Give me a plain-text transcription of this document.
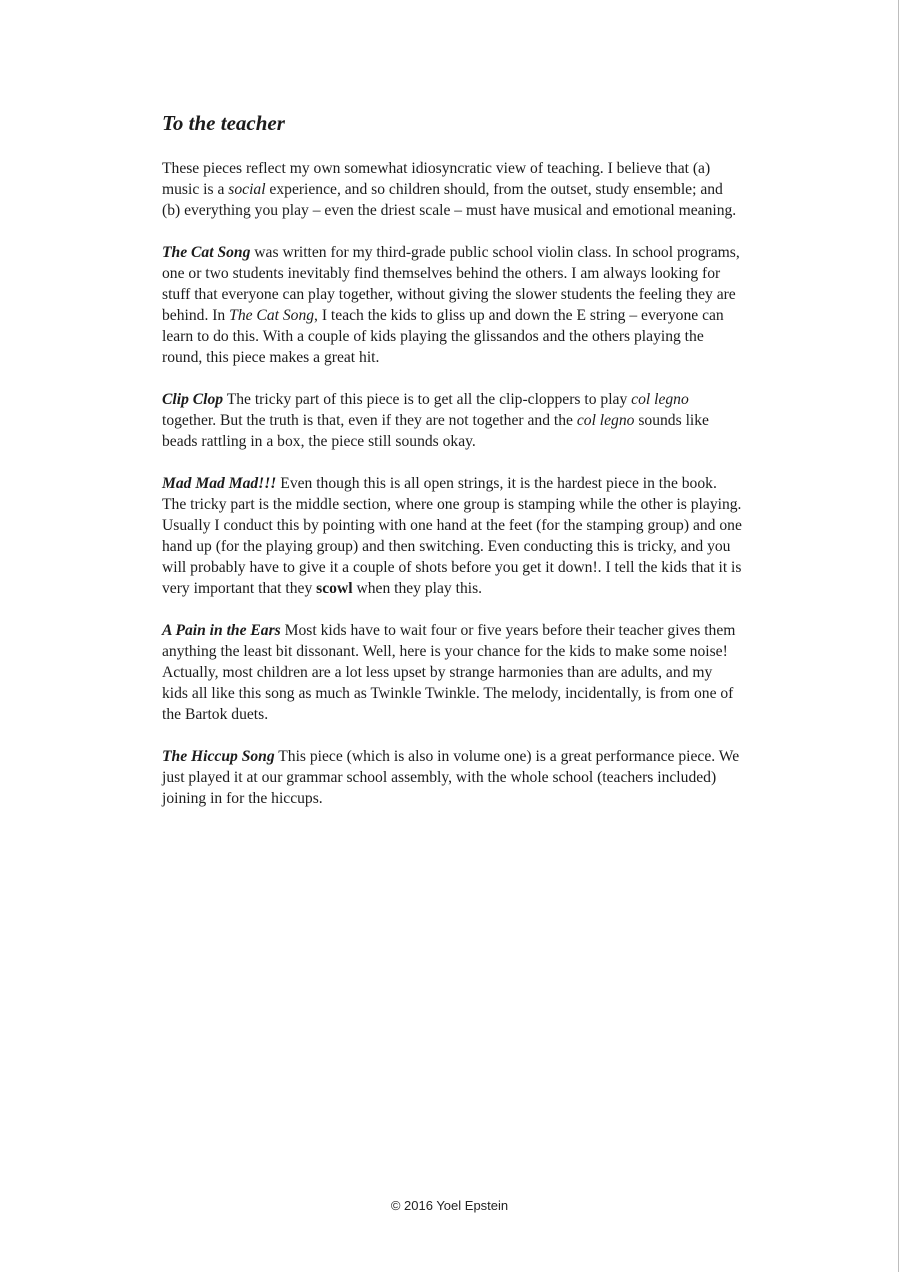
To the teacher

These pieces reflect my own somewhat idiosyncratic view of teaching. I believe that (a) music is a social experience, and so children should, from the outset, study ensemble; and (b) everything you play – even the driest scale – must have musical and emotional meaning.

The Cat Song was written for my third-grade public school violin class. In school programs, one or two students inevitably find themselves behind the others. I am always looking for stuff that everyone can play together, without giving the slower students the feeling they are behind. In The Cat Song, I teach the kids to gliss up and down the E string – everyone can learn to do this. With a couple of kids playing the glissandos and the others playing the round, this piece makes a great hit.

Clip Clop The tricky part of this piece is to get all the clip-cloppers to play col legno together. But the truth is that, even if they are not together and the col legno sounds like beads rattling in a box, the piece still sounds okay.

Mad Mad Mad!!! Even though this is all open strings, it is the hardest piece in the book. The tricky part is the middle section, where one group is stamping while the other is playing. Usually I conduct this by pointing with one hand at the feet (for the stamping group) and one hand up (for the playing group) and then switching. Even conducting this is tricky, and you will probably have to give it a couple of shots before you get it down!. I tell the kids that it is very important that they scowl when they play this.

A Pain in the Ears Most kids have to wait four or five years before their teacher gives them anything the least bit dissonant. Well, here is your chance for the kids to make some noise! Actually, most children are a lot less upset by strange harmonies than are adults, and my kids all like this song as much as Twinkle Twinkle. The melody, incidentally, is from one of the Bartok duets.

The Hiccup Song This piece (which is also in volume one) is a great performance piece. We just played it at our grammar school assembly, with the whole school (teachers included) joining in for the hiccups.

© 2016 Yoel Epstein
